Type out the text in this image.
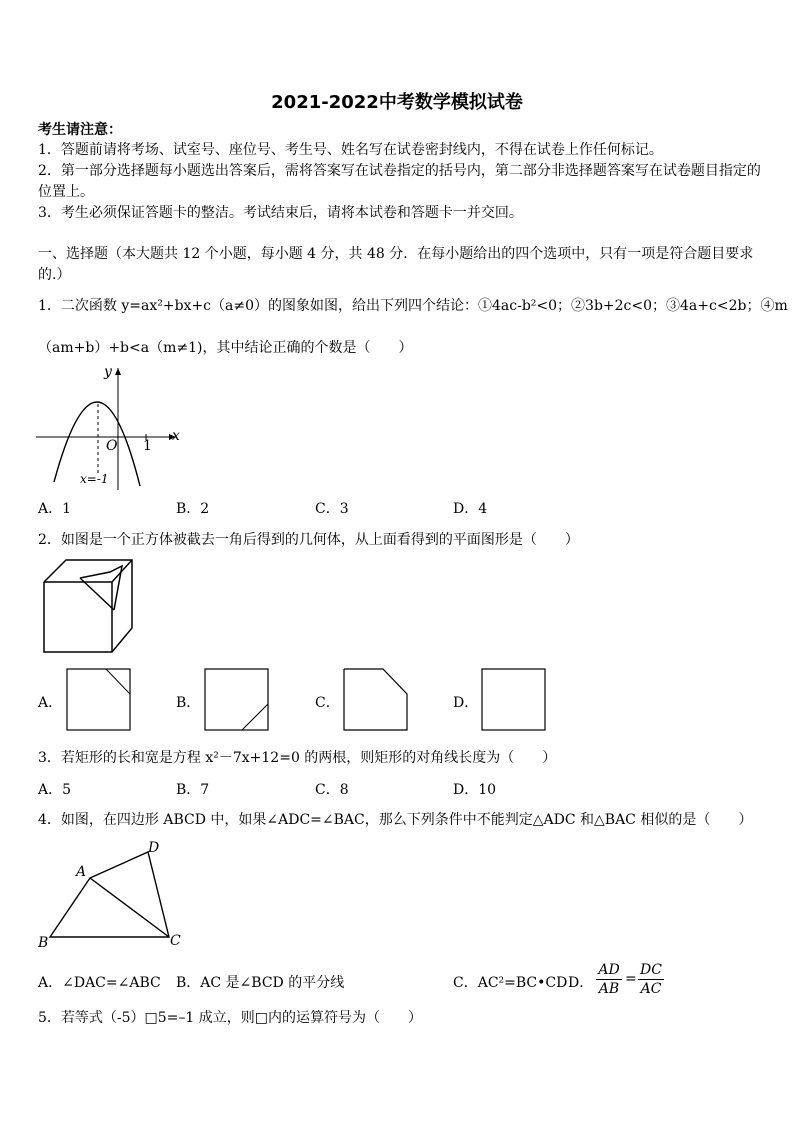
2021-2022中考数学模拟试卷
考生请注意：
1．答题前请将考场、试室号、座位号、考生号、姓名写在试卷密封线内，不得在试卷上作任何标记。
2．第一部分选择题每小题选出答案后，需将答案写在试卷指定的括号内，第二部分非选择题答案写在试卷题目指定的
位置上。
3．考生必须保证答题卡的整洁。考试结束后，请将本试卷和答题卡一并交回。
一、选择题（本大题共 12 个小题，每小题 4 分，共 48 分．在每小题给出的四个选项中，只有一项是符合题目要求
的.）
1．二次函数 y=ax²+bx+c（a≠0）的图象如图，给出下列四个结论：①4ac-b²<0；②3b+2c<0；③4a+c<2b；④m
（am+b）+b<a（m≠1)，其中结论正确的个数是（　　）
y
x
O 1
x=-1
A．1	B．2	C．3	D．4
2．如图是一个正方体被截去一角后得到的几何体，从上面看得到的平面图形是（　　）
A．	B．	C．	D．
3．若矩形的长和宽是方程 x²－7x+12=0 的两根，则矩形的对角线长度为（　　）
A．5	B．7	C．8	D．10
4．如图，在四边形 ABCD 中，如果∠ADC=∠BAC，那么下列条件中不能判定△ADC 和△BAC 相似的是（　　）
A
B	C
D
A．∠DAC=∠ABC B．AC 是∠BCD 的平分线	C．AC²=BC•CD D． $\frac{AD}{AB} = \frac{DC}{AC}$
5．若等式（-5）□5=–1 成立，则□内的运算符号为（　　）
